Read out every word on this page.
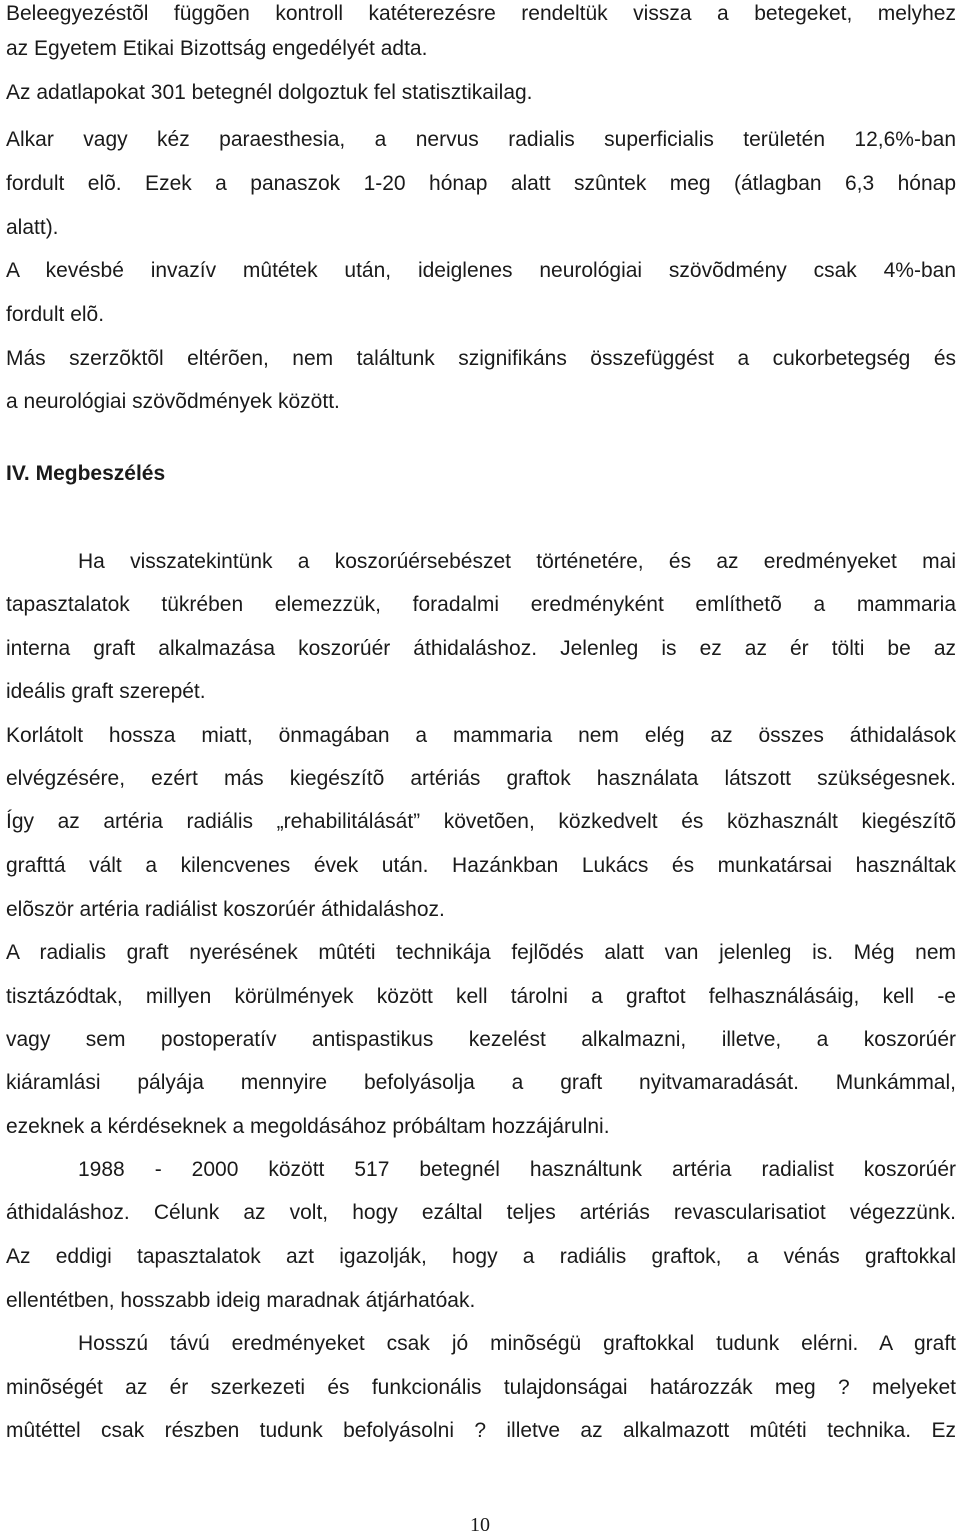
Beleegyezéstõl függõen kontroll katéterezésre rendeltük vissza a betegeket, melyhez
az Egyetem Etikai Bizottság engedélyét adta.
Az adatlapokat 301 betegnél dolgoztuk fel statisztikailag.
Alkar vagy kéz paraesthesia, a nervus radialis superficialis területén 12,6%-ban
fordult elõ. Ezek a panaszok 1-20 hónap alatt szûntek meg (átlagban 6,3 hónap
alatt).
A kevésbé invazív mûtétek után, ideiglenes neurológiai szövõdmény csak 4%-ban
fordult elõ.
Más szerzõktõl eltérõen, nem találtunk szignifikáns összefüggést a cukorbetegség és
a neurológiai szövõdmények között.
IV. Megbeszélés
Ha visszatekintünk a koszorúérsebészet történetére, és az eredményeket mai
tapasztalatok tükrében elemezzük, foradalmi eredményként említhetõ a mammaria
interna graft alkalmazása koszorúér áthidaláshoz. Jelenleg is ez az ér tölti be az
ideális graft szerepét.
Korlátolt hossza miatt, önmagában a mammaria nem elég az összes áthidalások
elvégzésére, ezért más kiegészítõ artériás graftok használata látszott szükségesnek.
Így az artéria radiális „rehabilitálását” követõen, közkedvelt és közhasznált kiegészítõ
grafttá vált a kilencvenes évek után. Hazánkban Lukács és munkatársai használtak
elõször artéria radiálist koszorúér áthidaláshoz.
A radialis graft nyerésének mûtéti technikája fejlõdés alatt van jelenleg is. Még nem
tisztázódtak, millyen körülmények között kell tárolni a graftot felhasználásáig, kell -e
vagy sem postoperatív antispastikus kezelést alkalmazni, illetve, a koszorúér
kiáramlási pályája mennyire befolyásolja a graft nyitvamaradását. Munkámmal,
ezeknek a kérdéseknek a megoldásához próbáltam hozzájárulni.
1988 - 2000 között 517 betegnél használtunk artéria radialist koszorúér
áthidaláshoz. Célunk az volt, hogy ezáltal teljes artériás revascularisatiot végezzünk.
Az eddigi tapasztalatok azt igazolják, hogy a radiális graftok, a vénás graftokkal
ellentétben, hosszabb ideig maradnak átjárhatóak.
Hosszú távú eredményeket csak jó minõségü graftokkal tudunk elérni. A graft
minõségét az ér szerkezeti és funkcionális tulajdonságai határozzák meg ? melyeket
mûtéttel csak részben tudunk befolyásolni ? illetve az alkalmazott mûtéti technika. Ez
10
